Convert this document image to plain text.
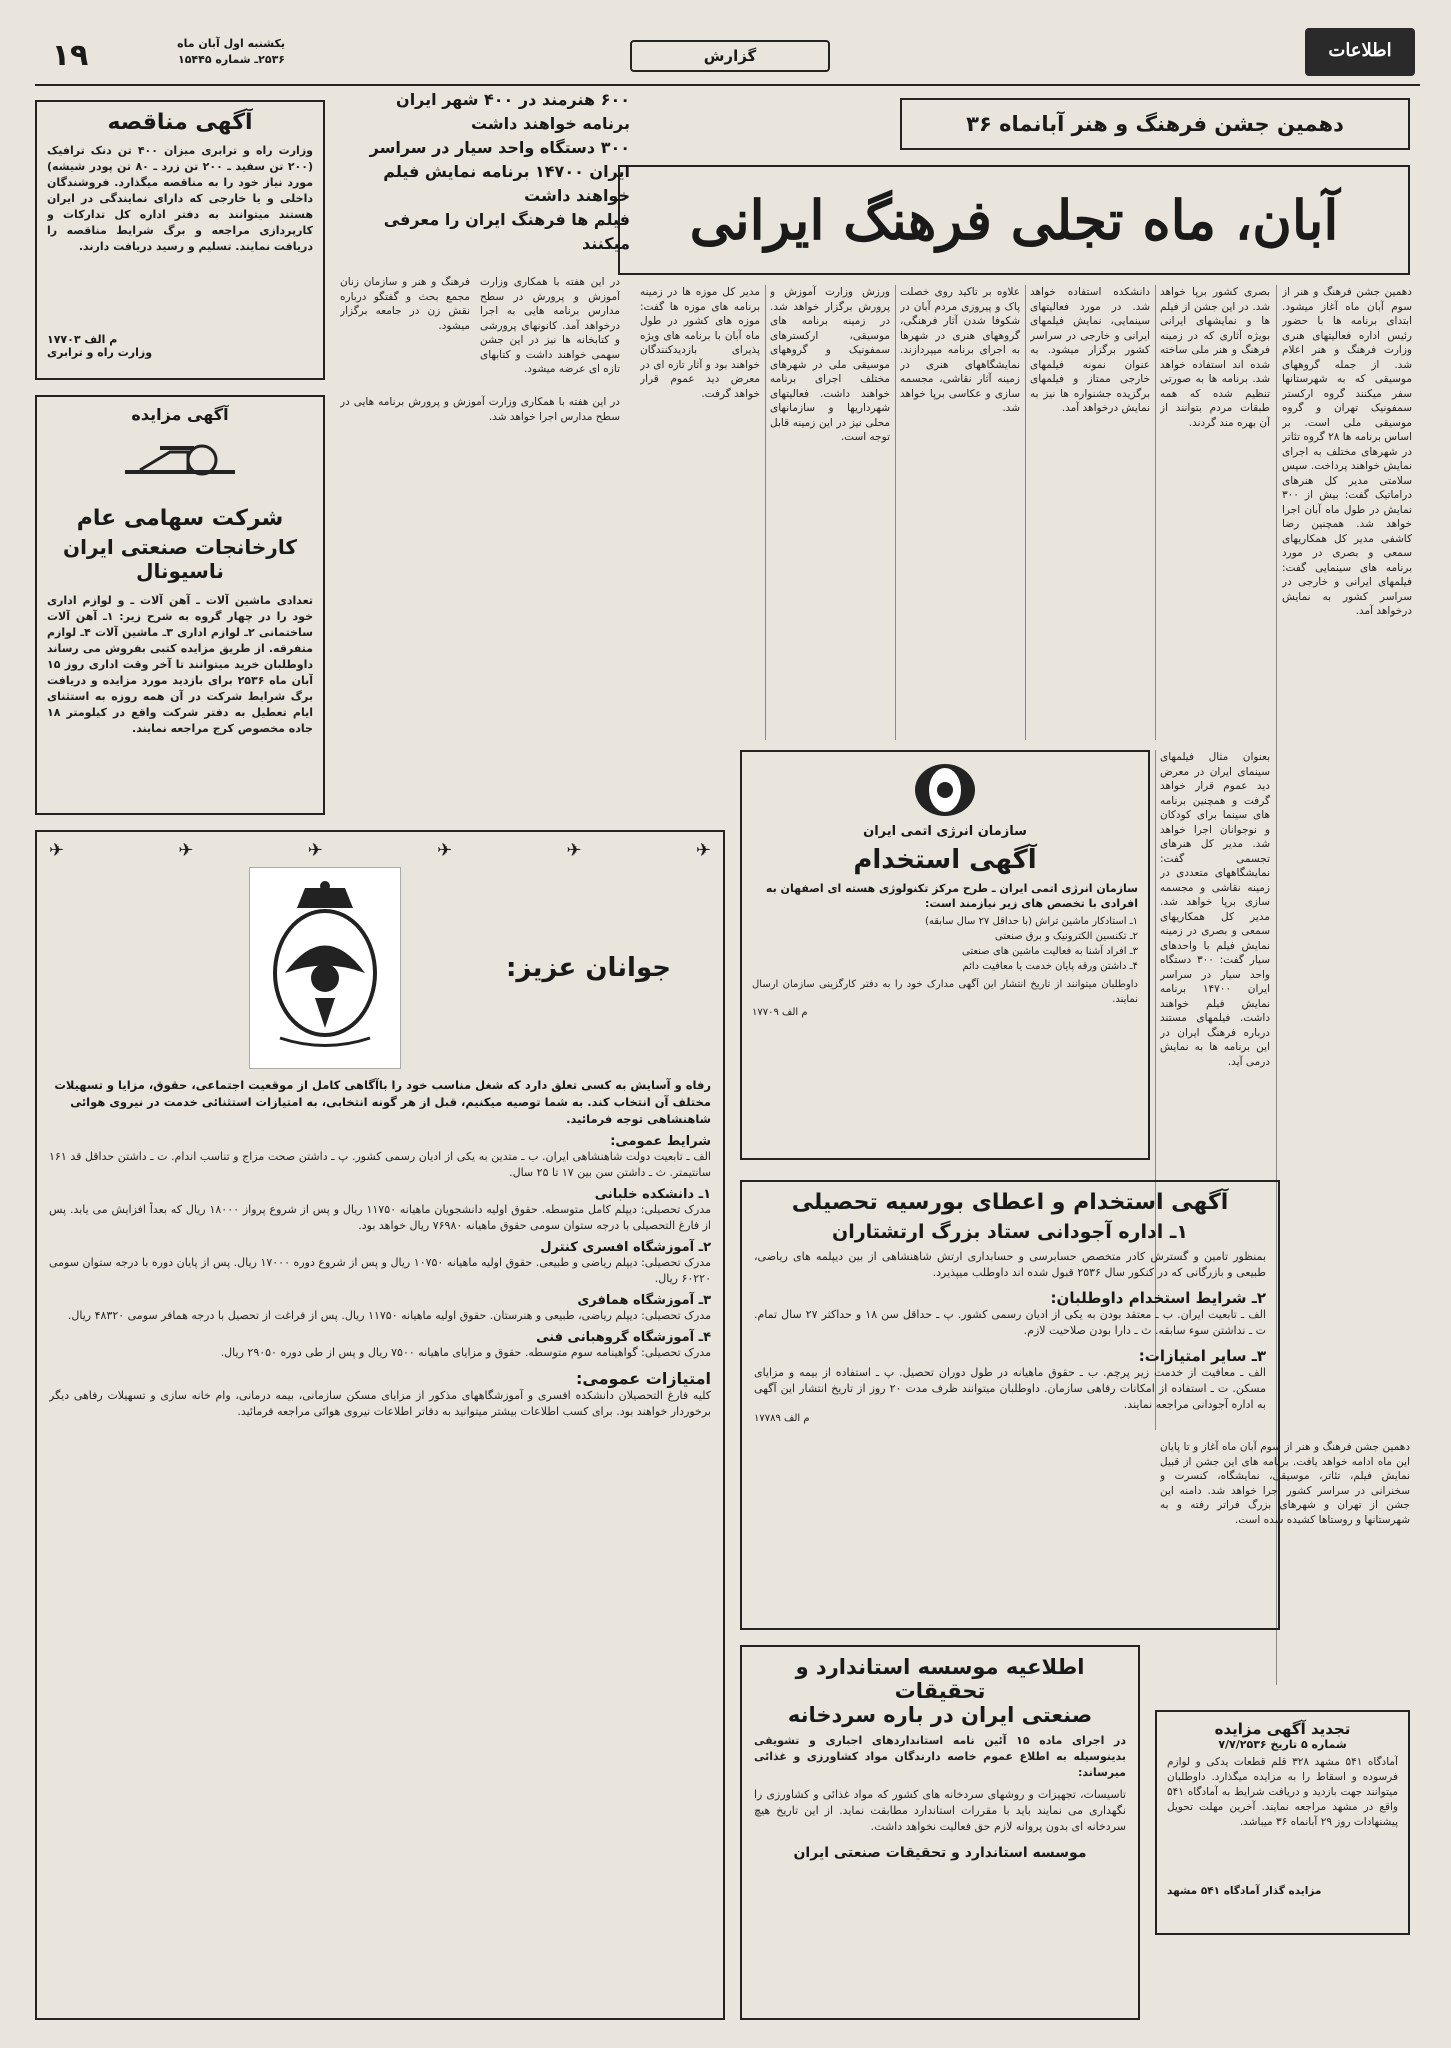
۱۹	یکشنبه اول آبان ماه
۲۵۳۶ـ شماره ۱۵۴۴۵	گزارش	اطلاعات
دهمین جشن فرهنگ و هنر آبانماه ۳۶
آبان، ماه تجلی فرهنگ ایرانی
بصری کشور برپا خواهد شد. در این جشن از فیلم ها و نمایشهای ایرانی بویژه آثاری که در زمینه فرهنگ و هنر ملی ساخته شده اند استفاده خواهد شد. برنامه ها به صورتی تنظیم شده که همه طبقات مردم بتوانند از آن بهره مند گردند.
دانشکده استفاده خواهد شد. در مورد فعالیتهای سینمایی، نمایش فیلمهای ایرانی و خارجی در سراسر کشور برگزار میشود. به عنوان نمونه فیلمهای خارجی ممتاز و فیلمهای برگزیده جشنواره ها نیز به نمایش درخواهد آمد.
علاوه بر تاکید روی خصلت پاک و پیروزی مردم آبان در شکوفا شدن آثار فرهنگی، گروههای هنری در شهرها به اجرای برنامه میپردازند. نمایشگاههای هنری در زمینه آثار نقاشی، مجسمه سازی و عکاسی برپا خواهد شد.
ورزش وزارت آموزش و پرورش برگزار خواهد شد. در زمینه برنامه های موسیقی، ارکسترهای سمفونیک و گروههای موسیقی ملی در شهرهای مختلف اجرای برنامه خواهند داشت. فعالیتهای شهرداریها و سازمانهای محلی نیز در این زمینه قابل توجه است.
مدیر کل موزه ها در زمینه برنامه های موزه ها گفت: موزه های کشور در طول ماه آبان با برنامه های ویژه پذیرای بازدیدکنندگان خواهند بود و آثار تازه ای در معرض دید عموم قرار خواهد گرفت.
دهمین جشن فرهنگ و هنر از سوم آبان ماه آغاز میشود. ابتدای برنامه ها با حضور رئیس اداره فعالیتهای هنری وزارت فرهنگ و هنر اعلام شد. از جمله گروههای موسیقی که به شهرستانها سفر میکنند گروه ارکستر سمفونیک تهران و گروه موسیقی ملی است. بر اساس برنامه ها ۲۸ گروه تئاتر در شهرهای مختلف به اجرای نمایش خواهند پرداخت. سپس سلامتی مدیر کل هنرهای دراماتیک گفت: بیش از ۳۰۰ نمایش در طول ماه آبان اجرا خواهد شد. همچنین رضا کاشفی مدیر کل همکاریهای سمعی و بصری در مورد برنامه های سینمایی گفت: فیلمهای ایرانی و خارجی در سراسر کشور به نمایش درخواهد آمد.
بعنوان مثال فیلمهای سینمای ایران در معرض دید عموم قرار خواهد گرفت و همچنین برنامه های سینما برای کودکان و نوجوانان اجرا خواهد شد. مدیر کل هنرهای تجسمی گفت: نمایشگاههای متعددی در زمینه نقاشی و مجسمه سازی برپا خواهد شد. مدیر کل همکاریهای سمعی و بصری در زمینه نمایش فیلم با واحدهای سیار گفت: ۳۰۰ دستگاه واحد سیار در سراسر ایران ۱۴۷۰۰ برنامه نمایش فیلم خواهند داشت. فیلمهای مستند درباره فرهنگ ایران در این برنامه ها به نمایش درمی آید.
۶۰۰ هنرمند در ۴۰۰ شهر ایران
برنامه خواهند داشت
۳۰۰ دستگاه واحد سیار در سراسر
ایران ۱۴۷۰۰ برنامه نمایش فیلم
خواهند داشت
فیلم ها فرهنگ ایران را معرفی
میکنند
فرهنگ و هنر و سازمان زنان مجمع بحث و گفتگو درباره نقش زن در جامعه برگزار میشود.
در این هفته با همکاری وزارت آموزش و پرورش در سطح مدارس برنامه هایی به اجرا درخواهد آمد. کانونهای پرورشی و کتابخانه ها نیز در این جشن سهمی خواهند داشت و کتابهای تازه ای عرضه میشود.
در این هفته با همکاری وزارت آموزش و پرورش برنامه هایی در سطح مدارس اجرا خواهد شد.
آگهی مناقصه
وزارت راه و ترابری میزان ۴۰۰ تن دنک ترافیک (۲۰۰ تن سفید ـ ۲۰۰ تن زرد ـ ۸۰ تن پودر شیشه) مورد نیاز خود را به مناقصه میگذارد. فروشندگان داخلی و یا خارجی که دارای نمایندگی در ایران هستند میتوانند به دفتر اداره کل تدارکات و کارپردازی مراجعه و برگ شرایط مناقصه را دریافت نمایند. تسلیم و رسید دریافت دارند.
م الف ۱۷۷۰۳
وزارت راه و ترابری
آگهی مزایده
شرکت سهامی عام
کارخانجات صنعتی ایران ناسیونال
تعدادی ماشین آلات ـ آهن آلات ـ و لوازم اداری خود را در چهار گروه به شرح زیر: ۱ـ آهن آلات ساختمانی ۲ـ لوازم اداری ۳ـ ماشین آلات ۴ـ لوازم متفرقه. از طریق مزایده کتبی بفروش می رساند داوطلبان خرید میتوانند تا آخر وقت اداری روز ۱۵ آبان ماه ۲۵۳۶ برای بازدید مورد مزایده و دریافت برگ شرایط شرکت در آن همه روزه به استثنای ایام تعطیل به دفتر شرکت واقع در کیلومتر ۱۸ جاده مخصوص کرج مراجعه نمایند.
سازمان انرژی اتمی ایران
آگهی استخدام
سازمان انرژی اتمی ایران ـ طرح مرکز تکنولوژی هسته ای اصفهان به افرادی با تخصص های زیر نیازمند است:
۱ـ استادکار ماشین تراش (با حداقل ۲۷ سال سابقه)
۲ـ تکنسین الکترونیک و برق صنعتی
۳ـ افراد آشنا به فعالیت ماشین های صنعتی
۴ـ داشتن ورقه پایان خدمت یا معافیت دائم
داوطلبان میتوانند از تاریخ انتشار این آگهی مدارک خود را به دفتر کارگزینی سازمان ارسال نمایند.
م الف ۱۷۷۰۹
✈
✈
✈
✈
✈
✈
جوانان عزیز:
رفاه و آسایش به کسی تعلق دارد که شغل مناسب خود را باآگاهی کامل از موقعیت اجتماعی، حقوق، مزایا و تسهیلات مختلف آن انتخاب کند. به شما توصیه میکنیم، قبل از هر گونه انتخابی، به امتیازات استثنائی خدمت در نیروی هوائی شاهنشاهی توجه فرمائید.
شرایط عمومی:
الف ـ تابعیت دولت شاهنشاهی ایران. ب ـ متدین به یکی از ادیان رسمی کشور. پ ـ داشتن صحت مزاج و تناسب اندام. ت ـ داشتن حداقل قد ۱۶۱ سانتیمتر. ث ـ داشتن سن بین ۱۷ تا ۲۵ سال.
۱ـ دانشکده خلبانی
مدرک تحصیلی: دیپلم کامل متوسطه. حقوق اولیه دانشجویان ماهیانه ۱۱۷۵۰ ریال و پس از شروع پرواز ۱۸۰۰۰ ریال که بعداً افزایش می یابد. پس از فارغ التحصیلی با درجه ستوان سومی حقوق ماهیانه ۷۶۹۸۰ ریال خواهد بود.
۲ـ آموزشگاه افسری کنترل
مدرک تحصیلی: دیپلم ریاضی و طبیعی. حقوق اولیه ماهیانه ۱۰۷۵۰ ریال و پس از شروع دوره ۱۷۰۰۰ ریال. پس از پایان دوره با درجه ستوان سومی ۶۰۲۲۰ ریال.
۳ـ آموزشگاه همافری
مدرک تحصیلی: دیپلم ریاضی، طبیعی و هنرستان. حقوق اولیه ماهیانه ۱۱۷۵۰ ریال. پس از فراغت از تحصیل با درجه همافر سومی ۴۸۳۲۰ ریال.
۴ـ آموزشگاه گروهبانی فنی
مدرک تحصیلی: گواهینامه سوم متوسطه. حقوق و مزایای ماهیانه ۷۵۰۰ ریال و پس از طی دوره ۲۹۰۵۰ ریال.
امتیازات عمومی:
کلیه فارغ التحصیلان دانشکده افسری و آموزشگاههای مذکور از مزایای مسکن سازمانی، بیمه درمانی، وام خانه سازی و تسهیلات رفاهی دیگر برخوردار خواهند بود. برای کسب اطلاعات بیشتر میتوانید به دفاتر اطلاعات نیروی هوائی مراجعه فرمائید.
آگهی استخدام و اعطای بورسیه تحصیلی
۱ـ اداره آجودانی ستاد بزرگ ارتشتاران
بمنظور تامین و گسترش کادر متخصص حسابرسی و حسابداری ارتش شاهنشاهی از بین دیپلمه های ریاضی، طبیعی و بازرگانی که در کنکور سال ۲۵۳۶ قبول شده اند داوطلب میپذیرد.
۲ـ شرایط استخدام داوطلبان:
الف ـ تابعیت ایران. ب ـ معتقد بودن به یکی از ادیان رسمی کشور. پ ـ حداقل سن ۱۸ و حداکثر ۲۷ سال تمام. ت ـ نداشتن سوء سابقه. ث ـ دارا بودن صلاحیت لازم.
۳ـ سایر امتیازات:
الف ـ معافیت از خدمت زیر پرچم. ب ـ حقوق ماهیانه در طول دوران تحصیل. پ ـ استفاده از بیمه و مزایای مسکن. ت ـ استفاده از امکانات رفاهی سازمان. داوطلبان میتوانند ظرف مدت ۲۰ روز از تاریخ انتشار این آگهی به اداره آجودانی مراجعه نمایند.
م الف ۱۷۷۸۹
اطلاعیه موسسه استاندارد و تحقیقات
صنعتی ایران در باره سردخانه
در اجرای ماده ۱۵ آئین نامه استانداردهای اجباری و تشویقی بدینوسیله به اطلاع عموم خاصه دارندگان مواد کشاورزی و غذائی میرساند:
تاسیسات، تجهیزات و روشهای سردخانه های کشور که مواد غذائی و کشاورزی را نگهداری می نمایند باید با مقررات استاندارد مطابقت نماید. از این تاریخ هیچ سردخانه ای بدون پروانه لازم حق فعالیت نخواهد داشت.
موسسه استاندارد و تحقیقات صنعتی ایران
تجدید آگهی مزایده
شماره ۵ تاریخ ۷/۷/۲۵۳۶
آمادگاه ۵۴۱ مشهد ۳۲۸ قلم قطعات یدکی و لوازم فرسوده و اسقاط را به مزایده میگذارد. داوطلبان میتوانند جهت بازدید و دریافت شرایط به آمادگاه ۵۴۱ واقع در مشهد مراجعه نمایند. آخرین مهلت تحویل پیشنهادات روز ۲۹ آبانماه ۳۶ میباشد.
مزایده گذار آمادگاه ۵۴۱ مشهد
دهمین جشن فرهنگ و هنر از سوم آبان ماه آغاز و تا پایان این ماه ادامه خواهد یافت. برنامه های این جشن از قبیل نمایش فیلم، تئاتر، موسیقی، نمایشگاه، کنسرت و سخنرانی در سراسر کشور اجرا خواهد شد. دامنه این جشن از تهران و شهرهای بزرگ فراتر رفته و به شهرستانها و روستاها کشیده شده است.
